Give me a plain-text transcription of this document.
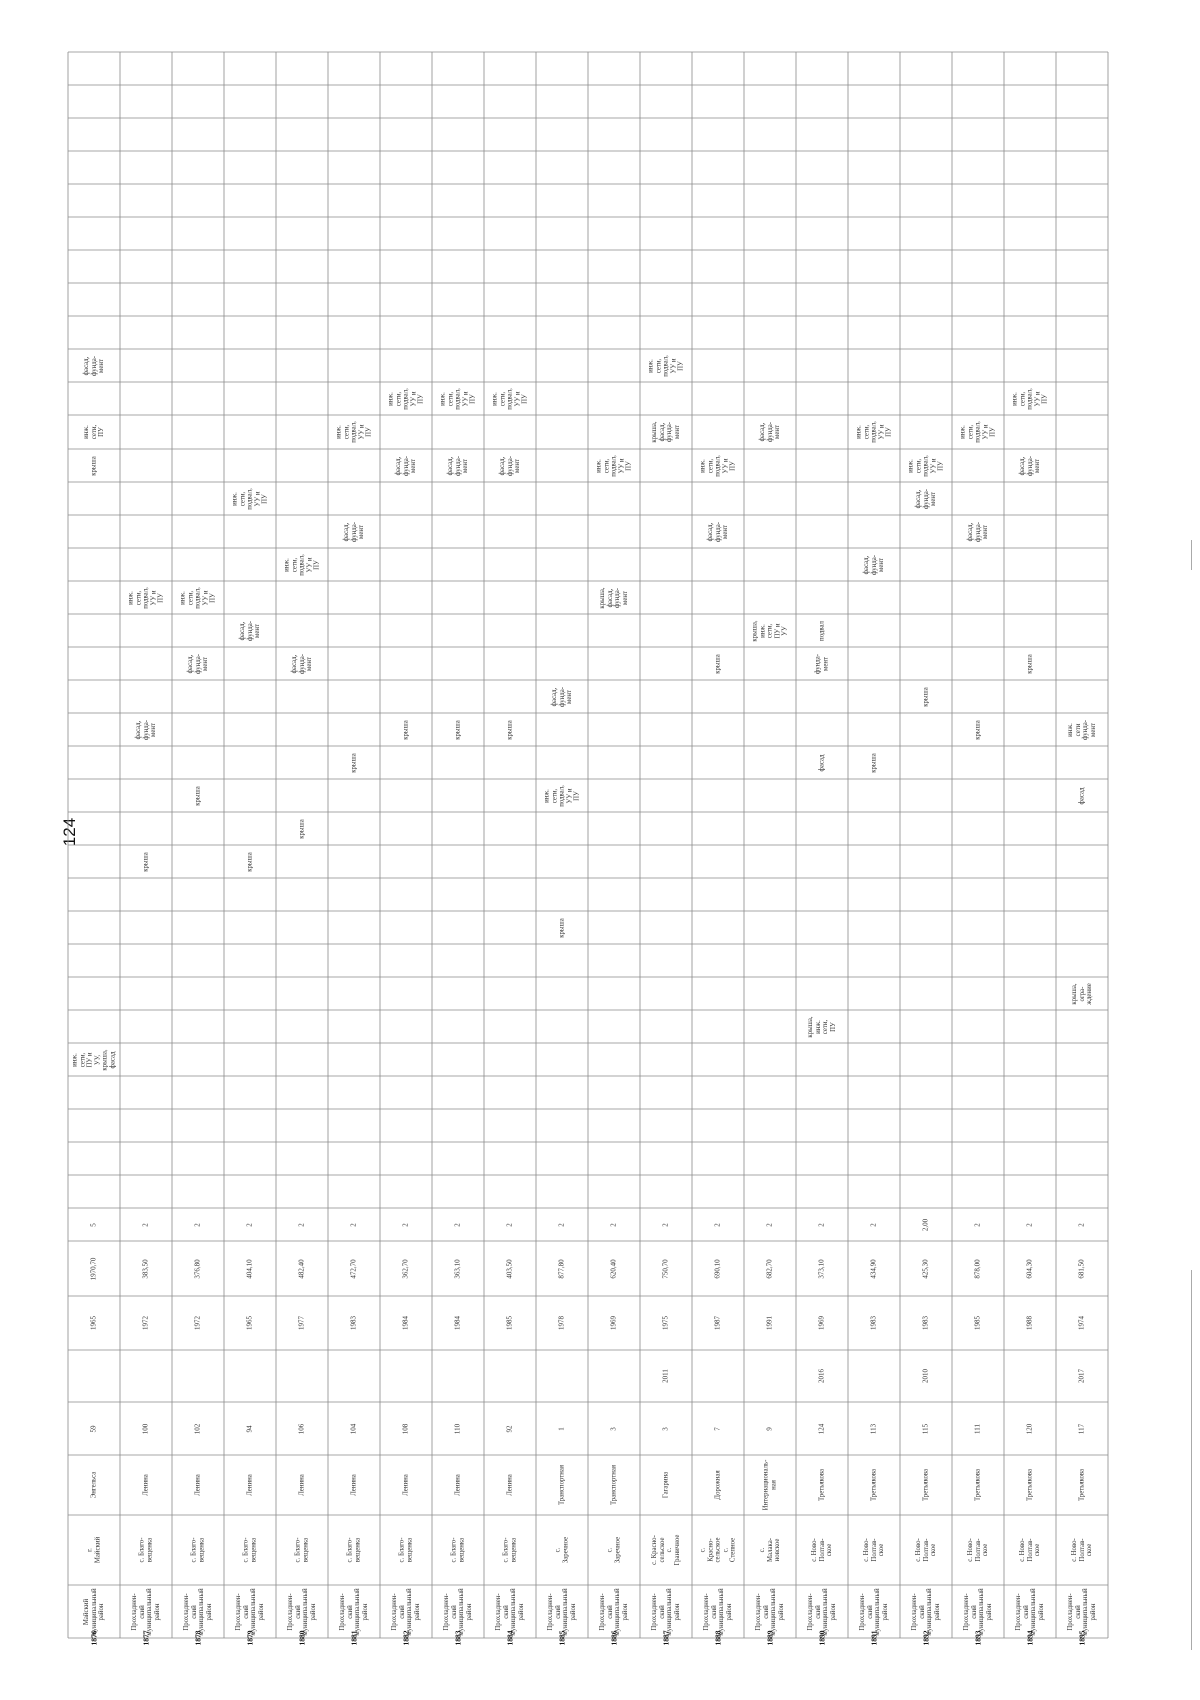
124
1876
Майский
муниципальный
район
г.
Майский
Энгельса
59
1965
1970,70
5
инж.
сети,
ПУ и
УУ,
крыша,
фасад
крыша
инж.
сети,
ПУ
фасад,
фунда-
мент
1877
Прохладнен-
ский
муниципальный
район
с. Благо-
вещенка
Ленина
100
1972
383,50
2
крыша
фасад,
фунда-
мент
инж.
сети,
подвал,
УУ и
ПУ
1878
Прохладнен-
ский
муниципальный
район
с. Благо-
вещенка
Ленина
102
1972
376,80
2
крыша
фасад,
фунда-
мент
инж.
сети,
подвал,
УУ и
ПУ
1879
Прохладнен-
ский
муниципальный
район
с. Благо-
вещенка
Ленина
94
1965
404,10
2
крыша
фасад,
фунда-
мент
инж.
сети,
подвал,
УУ и
ПУ
1880
Прохладнен-
ский
муниципальный
район
с. Благо-
вещенка
Ленина
106
1977
482,40
2
крыша
фасад,
фунда-
мент
инж.
сети,
подвал,
УУ и
ПУ
1881
Прохладнен-
ский
муниципальный
район
с. Благо-
вещенка
Ленина
104
1983
472,70
2
крыша
фасад,
фунда-
мент
инж.
сети,
подвал,
УУ и
ПУ
1882
Прохладнен-
ский
муниципальный
район
с. Благо-
вещенка
Ленина
108
1984
362,70
2
крыша
фасад,
фунда-
мент
инж.
сети,
подвал,
УУ и
ПУ
1883
Прохладнен-
ский
муниципальный
район
с. Благо-
вещенка
Ленина
110
1984
363,10
2
крыша
фасад,
фунда-
мент
инж.
сети,
подвал,
УУ и
ПУ
1884
Прохладнен-
ский
муниципальный
район
с. Благо-
вещенка
Ленина
92
1985
403,50
2
крыша
фасад,
фунда-
мент
инж.
сети,
подвал,
УУ и
ПУ
1885
Прохладнен-
ский
муниципальный
район
с.
Заречное
Транспортная
1
1978
877,80
2
крыша
инж.
сети,
подвал,
УУ и
ПУ
фасад,
фунда-
мент
1886
Прохладнен-
ский
муниципальный
район
с.
Заречное
Транспортная
3
1969
620,40
2
крыша,
фасад,
фунда-
мент
инж.
сети,
подвал,
УУ и
ПУ
1887
Прохладнен-
ский
муниципальный
район
с. Красно-
сельское с.
Граничное
Гагарина
3
2011
1975
750,70
2
крыша,
фасад,
фунда-
мент
инж.
сети,
подвал,
УУ и
ПУ
1888
Прохладнен-
ский
муниципальный
район
с. Красно-
сельское с.
Степное
Дорожная
7
1987
690,10
2
крыша
фасад,
фунда-
мент
инж.
сети,
подвал,
УУ и
ПУ
1889
Прохладнен-
ский
муниципальный
район
с. Малака-
новское
Интернациональ-
ная
9
1991
682,70
2
крыша,
инж.
сети,
ПУ и
УУ
фасад,
фунда-
мент
1890
Прохладнен-
ский
муниципальный
район
с. Ново-
Полтав-
ское
Третьякова
124
2016
1969
373,10
2
крыша,
инж.
сети,
ПУ
фасад
фунда-
мент
подвал
1891
Прохладнен-
ский
муниципальный
район
с. Ново-
Полтав-
ское
Третьякова
113
1983
434,90
2
крыша
фасад,
фунда-
мент
инж.
сети,
подвал,
УУ и
ПУ
1892
Прохладнен-
ский
муниципальный
район
с. Ново-
Полтав-
ское
Третьякова
115
2010
1983
425,30
2,00
крыша
фасад,
фунда-
мент
инж.
сети,
подвал,
УУ и
ПУ
1893
Прохладнен-
ский
муниципальный
район
с. Ново-
Полтав-
ское
Третьякова
111
1985
878,00
2
крыша
фасад,
фунда-
мент
инж.
сети,
подвал,
УУ и
ПУ
1894
Прохладнен-
ский
муниципальный
район
с. Ново-
Полтав-
ское
Третьякова
120
1988
604,30
2
крыша
фасад,
фунда-
мент
инж.
сети,
подвал,
УУ и
ПУ
1895
Прохладнен-
ский
муниципальный
район
с. Ново-
Полтав-
ское
Третьякова
117
2017
1974
681,50
2
крыша,
огра-
ждение
фасад
инж.
сети
фунда-
мент
